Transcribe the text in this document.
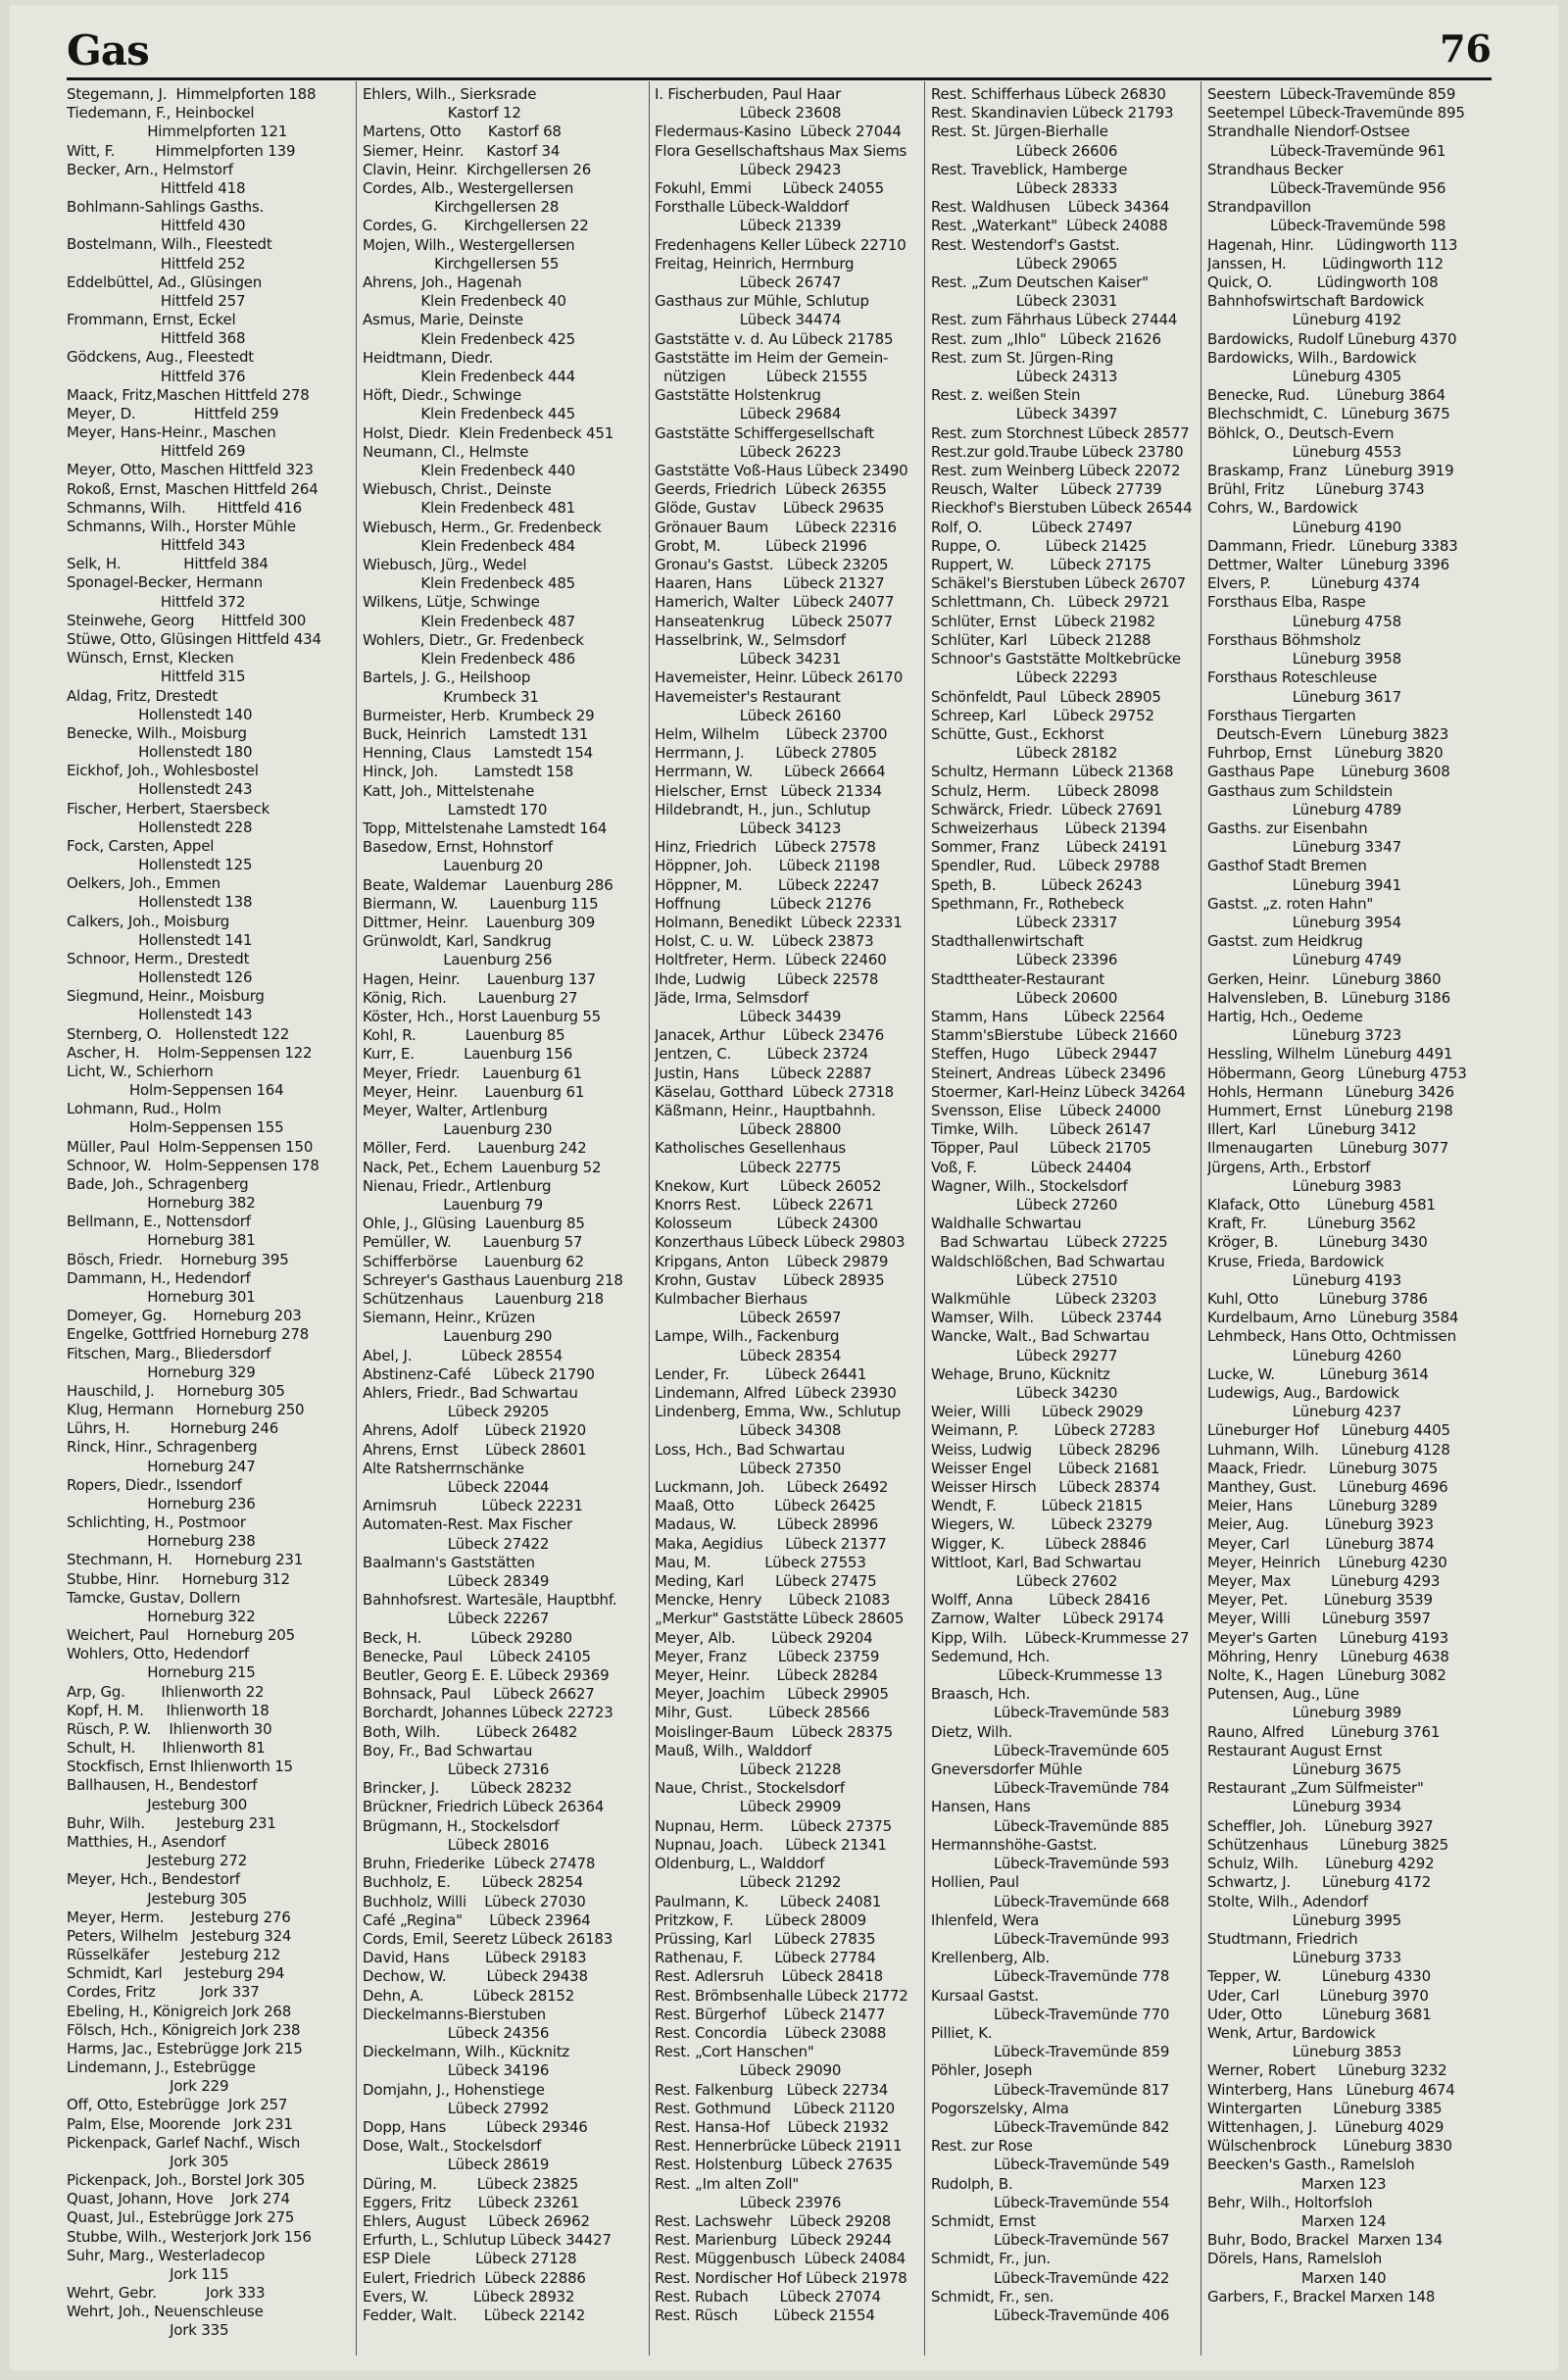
Gas	76
Stegemann, J.  Himmelpforten 188
Tiedemann, F., Heinbockel
Himmelpforten 121
Witt, F.         Himmelpforten 139
Becker, Arn., Helmstorf
Hittfeld 418
Bohlmann-Sahlings Gasths.
Hittfeld 430
Bostelmann, Wilh., Fleestedt
Hittfeld 252
Eddelbüttel, Ad., Glüsingen
Hittfeld 257
Frommann, Ernst, Eckel
Hittfeld 368
Gödckens, Aug., Fleestedt
Hittfeld 376
Maack, Fritz,Maschen Hittfeld 278
Meyer, D.             Hittfeld 259
Meyer, Hans-Heinr., Maschen
Hittfeld 269
Meyer, Otto, Maschen Hittfeld 323
Rokoß, Ernst, Maschen Hittfeld 264
Schmanns, Wilh.       Hittfeld 416
Schmanns, Wilh., Horster Mühle
Hittfeld 343
Selk, H.              Hittfeld 384
Sponagel-Becker, Hermann
Hittfeld 372
Steinwehe, Georg      Hittfeld 300
Stüwe, Otto, Glüsingen Hittfeld 434
Wünsch, Ernst, Klecken
Hittfeld 315
Aldag, Fritz, Drestedt
Hollenstedt 140
Benecke, Wilh., Moisburg
Hollenstedt 180
Eickhof, Joh., Wohlesbostel
Hollenstedt 243
Fischer, Herbert, Staersbeck
Hollenstedt 228
Fock, Carsten, Appel
Hollenstedt 125
Oelkers, Joh., Emmen
Hollenstedt 138
Calkers, Joh., Moisburg
Hollenstedt 141
Schnoor, Herm., Drestedt
Hollenstedt 126
Siegmund, Heinr., Moisburg
Hollenstedt 143
Sternberg, O.   Hollenstedt 122
Ascher, H.    Holm-Seppensen 122
Licht, W., Schierhorn
Holm-Seppensen 164
Lohmann, Rud., Holm
Holm-Seppensen 155
Müller, Paul  Holm-Seppensen 150
Schnoor, W.   Holm-Seppensen 178
Bade, Joh., Schragenberg
Horneburg 382
Bellmann, E., Nottensdorf
Horneburg 381
Bösch, Friedr.    Horneburg 395
Dammann, H., Hedendorf
Horneburg 301
Domeyer, Gg.      Horneburg 203
Engelke, Gottfried Horneburg 278
Fitschen, Marg., Bliedersdorf
Horneburg 329
Hauschild, J.     Horneburg 305
Klug, Hermann     Horneburg 250
Lührs, H.         Horneburg 246
Rinck, Hinr., Schragenberg
Horneburg 247
Ropers, Diedr., Issendorf
Horneburg 236
Schlichting, H., Postmoor
Horneburg 238
Stechmann, H.     Horneburg 231
Stubbe, Hinr.     Horneburg 312
Tamcke, Gustav, Dollern
Horneburg 322
Weichert, Paul    Horneburg 205
Wohlers, Otto, Hedendorf
Horneburg 215
Arp, Gg.        Ihlienworth 22
Kopf, H. M.     Ihlienworth 18
Rüsch, P. W.    Ihlienworth 30
Schult, H.      Ihlienworth 81
Stockfisch, Ernst Ihlienworth 15
Ballhausen, H., Bendestorf
Jesteburg 300
Buhr, Wilh.       Jesteburg 231
Matthies, H., Asendorf
Jesteburg 272
Meyer, Hch., Bendestorf
Jesteburg 305
Meyer, Herm.      Jesteburg 276
Peters, Wilhelm   Jesteburg 324
Rüsselkäfer       Jesteburg 212
Schmidt, Karl     Jesteburg 294
Cordes, Fritz          Jork 337
Ebeling, H., Königreich Jork 268
Fölsch, Hch., Königreich Jork 238
Harms, Jac., Estebrügge Jork 215
Lindemann, J., Estebrügge
Jork 229
Off, Otto, Estebrügge  Jork 257
Palm, Else, Moorende   Jork 231
Pickenpack, Garlef Nachf., Wisch
Jork 305
Pickenpack, Joh., Borstel Jork 305
Quast, Johann, Hove    Jork 274
Quast, Jul., Estebrügge Jork 275
Stubbe, Wilh., Westerjork Jork 156
Suhr, Marg., Westerladecop
Jork 115
Wehrt, Gebr.           Jork 333
Wehrt, Joh., Neuenschleuse
Jork 335
Ehlers, Wilh., Sierksrade
Kastorf 12
Martens, Otto      Kastorf 68
Siemer, Heinr.     Kastorf 34
Clavin, Heinr.  Kirchgellersen 26
Cordes, Alb., Westergellersen
Kirchgellersen 28
Cordes, G.      Kirchgellersen 22
Mojen, Wilh., Westergellersen
Kirchgellersen 55
Ahrens, Joh., Hagenah
Klein Fredenbeck 40
Asmus, Marie, Deinste
Klein Fredenbeck 425
Heidtmann, Diedr.
Klein Fredenbeck 444
Höft, Diedr., Schwinge
Klein Fredenbeck 445
Holst, Diedr.  Klein Fredenbeck 451
Neumann, Cl., Helmste
Klein Fredenbeck 440
Wiebusch, Christ., Deinste
Klein Fredenbeck 481
Wiebusch, Herm., Gr. Fredenbeck
Klein Fredenbeck 484
Wiebusch, Jürg., Wedel
Klein Fredenbeck 485
Wilkens, Lütje, Schwinge
Klein Fredenbeck 487
Wohlers, Dietr., Gr. Fredenbeck
Klein Fredenbeck 486
Bartels, J. G., Heilshoop
Krumbeck 31
Burmeister, Herb.  Krumbeck 29
Buck, Heinrich     Lamstedt 131
Henning, Claus     Lamstedt 154
Hinck, Joh.        Lamstedt 158
Katt, Joh., Mittelstenahe
Lamstedt 170
Topp, Mittelstenahe Lamstedt 164
Basedow, Ernst, Hohnstorf
Lauenburg 20
Beate, Waldemar    Lauenburg 286
Biermann, W.       Lauenburg 115
Dittmer, Heinr.    Lauenburg 309
Grünwoldt, Karl, Sandkrug
Lauenburg 256
Hagen, Heinr.      Lauenburg 137
König, Rich.       Lauenburg 27
Köster, Hch., Horst Lauenburg 55
Kohl, R.           Lauenburg 85
Kurr, E.           Lauenburg 156
Meyer, Friedr.     Lauenburg 61
Meyer, Heinr.      Lauenburg 61
Meyer, Walter, Artlenburg
Lauenburg 230
Möller, Ferd.      Lauenburg 242
Nack, Pet., Echem  Lauenburg 52
Nienau, Friedr., Artlenburg
Lauenburg 79
Ohle, J., Glüsing  Lauenburg 85
Pemüller, W.       Lauenburg 57
Schifferbörse      Lauenburg 62
Schreyer's Gasthaus Lauenburg 218
Schützenhaus       Lauenburg 218
Siemann, Heinr., Krüzen
Lauenburg 290
Abel, J.           Lübeck 28554
Abstinenz-Café     Lübeck 21790
Ahlers, Friedr., Bad Schwartau
Lübeck 29205
Ahrens, Adolf      Lübeck 21920
Ahrens, Ernst      Lübeck 28601
Alte Ratsherrnschänke
Lübeck 22044
Arnimsruh          Lübeck 22231
Automaten-Rest. Max Fischer
Lübeck 27422
Baalmann's Gaststätten
Lübeck 28349
Bahnhofsrest. Wartesäle, Hauptbhf.
Lübeck 22267
Beck, H.           Lübeck 29280
Benecke, Paul      Lübeck 24105
Beutler, Georg E. E. Lübeck 29369
Bohnsack, Paul     Lübeck 26627
Borchardt, Johannes Lübeck 22723
Both, Wilh.        Lübeck 26482
Boy, Fr., Bad Schwartau
Lübeck 27316
Brincker, J.       Lübeck 28232
Brückner, Friedrich Lübeck 26364
Brügmann, H., Stockelsdorf
Lübeck 28016
Bruhn, Friederike  Lübeck 27478
Buchholz, E.       Lübeck 28254
Buchholz, Willi    Lübeck 27030
Café „Regina"      Lübeck 23964
Cords, Emil, Seeretz Lübeck 26183
David, Hans        Lübeck 29183
Dechow, W.         Lübeck 29438
Dehn, A.           Lübeck 28152
Dieckelmanns-Bierstuben
Lübeck 24356
Dieckelmann, Wilh., Kücknitz
Lübeck 34196
Domjahn, J., Hohenstiege
Lübeck 27992
Dopp, Hans         Lübeck 29346
Dose, Walt., Stockelsdorf
Lübeck 28619
Düring, M.         Lübeck 23825
Eggers, Fritz      Lübeck 23261
Ehlers, August     Lübeck 26962
Erfurth, L., Schlutup Lübeck 34427
ESP Diele          Lübeck 27128
Eulert, Friedrich  Lübeck 22886
Evers, W.          Lübeck 28932
Fedder, Walt.      Lübeck 22142
I. Fischerbuden, Paul Haar
Lübeck 23608
Fledermaus-Kasino  Lübeck 27044
Flora Gesellschaftshaus Max Siems
Lübeck 29423
Fokuhl, Emmi       Lübeck 24055
Forsthalle Lübeck-Walddorf
Lübeck 21339
Fredenhagens Keller Lübeck 22710
Freitag, Heinrich, Herrnburg
Lübeck 26747
Gasthaus zur Mühle, Schlutup
Lübeck 34474
Gaststätte v. d. Au Lübeck 21785
Gaststätte im Heim der Gemein-
nützigen         Lübeck 21555
Gaststätte Holstenkrug
Lübeck 29684
Gaststätte Schiffergesellschaft
Lübeck 26223
Gaststätte Voß-Haus Lübeck 23490
Geerds, Friedrich  Lübeck 26355
Glöde, Gustav      Lübeck 29635
Grönauer Baum      Lübeck 22316
Grobt, M.          Lübeck 21996
Gronau's Gastst.   Lübeck 23205
Haaren, Hans       Lübeck 21327
Hamerich, Walter   Lübeck 24077
Hanseatenkrug      Lübeck 25077
Hasselbrink, W., Selmsdorf
Lübeck 34231
Havemeister, Heinr. Lübeck 26170
Havemeister's Restaurant
Lübeck 26160
Helm, Wilhelm      Lübeck 23700
Herrmann, J.       Lübeck 27805
Herrmann, W.       Lübeck 26664
Hielscher, Ernst   Lübeck 21334
Hildebrandt, H., jun., Schlutup
Lübeck 34123
Hinz, Friedrich    Lübeck 27578
Höppner, Joh.      Lübeck 21198
Höppner, M.        Lübeck 22247
Hoffnung           Lübeck 21276
Holmann, Benedikt  Lübeck 22331
Holst, C. u. W.    Lübeck 23873
Holtfreter, Herm.  Lübeck 22460
Ihde, Ludwig       Lübeck 22578
Jäde, Irma, Selmsdorf
Lübeck 34439
Janacek, Arthur    Lübeck 23476
Jentzen, C.        Lübeck 23724
Justin, Hans       Lübeck 22887
Käselau, Gotthard  Lübeck 27318
Käßmann, Heinr., Hauptbahnh.
Lübeck 28800
Katholisches Gesellenhaus
Lübeck 22775
Knekow, Kurt       Lübeck 26052
Knorrs Rest.       Lübeck 22671
Kolosseum          Lübeck 24300
Konzerthaus Lübeck Lübeck 29803
Kripgans, Anton    Lübeck 29879
Krohn, Gustav      Lübeck 28935
Kulmbacher Bierhaus
Lübeck 26597
Lampe, Wilh., Fackenburg
Lübeck 28354
Lender, Fr.        Lübeck 26441
Lindemann, Alfred  Lübeck 23930
Lindenberg, Emma, Ww., Schlutup
Lübeck 34308
Loss, Hch., Bad Schwartau
Lübeck 27350
Luckmann, Joh.     Lübeck 26492
Maaß, Otto         Lübeck 26425
Madaus, W.         Lübeck 28996
Maka, Aegidius     Lübeck 21377
Mau, M.            Lübeck 27553
Meding, Karl       Lübeck 27475
Mencke, Henry      Lübeck 21083
„Merkur" Gaststätte Lübeck 28605
Meyer, Alb.        Lübeck 29204
Meyer, Franz       Lübeck 23759
Meyer, Heinr.      Lübeck 28284
Meyer, Joachim     Lübeck 29905
Mihr, Gust.        Lübeck 28566
Moislinger-Baum    Lübeck 28375
Mauß, Wilh., Walddorf
Lübeck 21228
Naue, Christ., Stockelsdorf
Lübeck 29909
Nupnau, Herm.      Lübeck 27375
Nupnau, Joach.     Lübeck 21341
Oldenburg, L., Walddorf
Lübeck 21292
Paulmann, K.       Lübeck 24081
Pritzkow, F.       Lübeck 28009
Prüssing, Karl     Lübeck 27835
Rathenau, F.       Lübeck 27784
Rest. Adlersruh    Lübeck 28418
Rest. Brömbsenhalle Lübeck 21772
Rest. Bürgerhof    Lübeck 21477
Rest. Concordia    Lübeck 23088
Rest. „Cort Hanschen"
Lübeck 29090
Rest. Falkenburg   Lübeck 22734
Rest. Gothmund     Lübeck 21120
Rest. Hansa-Hof    Lübeck 21932
Rest. Hennerbrücke Lübeck 21911
Rest. Holstenburg  Lübeck 27635
Rest. „Im alten Zoll"
Lübeck 23976
Rest. Lachswehr    Lübeck 29208
Rest. Marienburg   Lübeck 29244
Rest. Müggenbusch  Lübeck 24084
Rest. Nordischer Hof Lübeck 21978
Rest. Rubach       Lübeck 27074
Rest. Rüsch        Lübeck 21554
Rest. Schifferhaus Lübeck 26830
Rest. Skandinavien Lübeck 21793
Rest. St. Jürgen-Bierhalle
Lübeck 26606
Rest. Traveblick, Hamberge
Lübeck 28333
Rest. Waldhusen    Lübeck 34364
Rest. „Waterkant"  Lübeck 24088
Rest. Westendorf's Gastst.
Lübeck 29065
Rest. „Zum Deutschen Kaiser"
Lübeck 23031
Rest. zum Fährhaus Lübeck 27444
Rest. zum „Ihlo"   Lübeck 21626
Rest. zum St. Jürgen-Ring
Lübeck 24313
Rest. z. weißen Stein
Lübeck 34397
Rest. zum Storchnest Lübeck 28577
Rest.zur gold.Traube Lübeck 23780
Rest. zum Weinberg Lübeck 22072
Reusch, Walter     Lübeck 27739
Rieckhof's Bierstuben Lübeck 26544
Rolf, O.           Lübeck 27497
Ruppe, O.          Lübeck 21425
Ruppert, W.        Lübeck 27175
Schäkel's Bierstuben Lübeck 26707
Schlettmann, Ch.   Lübeck 29721
Schlüter, Ernst    Lübeck 21982
Schlüter, Karl     Lübeck 21288
Schnoor's Gaststätte Moltkebrücke
Lübeck 22293
Schönfeldt, Paul   Lübeck 28905
Schreep, Karl      Lübeck 29752
Schütte, Gust., Eckhorst
Lübeck 28182
Schultz, Hermann   Lübeck 21368
Schulz, Herm.      Lübeck 28098
Schwärck, Friedr.  Lübeck 27691
Schweizerhaus      Lübeck 21394
Sommer, Franz      Lübeck 24191
Spendler, Rud.     Lübeck 29788
Speth, B.          Lübeck 26243
Spethmann, Fr., Rothebeck
Lübeck 23317
Stadthallenwirtschaft
Lübeck 23396
Stadttheater-Restaurant
Lübeck 20600
Stamm, Hans        Lübeck 22564
Stamm'sBierstube   Lübeck 21660
Steffen, Hugo      Lübeck 29447
Steinert, Andreas  Lübeck 23496
Stoermer, Karl-Heinz Lübeck 34264
Svensson, Elise    Lübeck 24000
Timke, Wilh.       Lübeck 26147
Töpper, Paul       Lübeck 21705
Voß, F.            Lübeck 24404
Wagner, Wilh., Stockelsdorf
Lübeck 27260
Waldhalle Schwartau
Bad Schwartau    Lübeck 27225
Waldschlößchen, Bad Schwartau
Lübeck 27510
Walkmühle          Lübeck 23203
Wamser, Wilh.      Lübeck 23744
Wancke, Walt., Bad Schwartau
Lübeck 29277
Wehage, Bruno, Kücknitz
Lübeck 34230
Weier, Willi       Lübeck 29029
Weimann, P.        Lübeck 27283
Weiss, Ludwig      Lübeck 28296
Weisser Engel      Lübeck 21681
Weisser Hirsch     Lübeck 28374
Wendt, F.          Lübeck 21815
Wiegers, W.        Lübeck 23279
Wigger, K.         Lübeck 28846
Wittloot, Karl, Bad Schwartau
Lübeck 27602
Wolff, Anna        Lübeck 28416
Zarnow, Walter     Lübeck 29174
Kipp, Wilh.    Lübeck-Krummesse 27
Sedemund, Hch.
Lübeck-Krummesse 13
Braasch, Hch.
Lübeck-Travemünde 583
Dietz, Wilh.
Lübeck-Travemünde 605
Gneversdorfer Mühle
Lübeck-Travemünde 784
Hansen, Hans
Lübeck-Travemünde 885
Hermannshöhe-Gastst.
Lübeck-Travemünde 593
Hollien, Paul
Lübeck-Travemünde 668
Ihlenfeld, Wera
Lübeck-Travemünde 993
Krellenberg, Alb.
Lübeck-Travemünde 778
Kursaal Gastst.
Lübeck-Travemünde 770
Pilliet, K.
Lübeck-Travemünde 859
Pöhler, Joseph
Lübeck-Travemünde 817
Pogorszelsky, Alma
Lübeck-Travemünde 842
Rest. zur Rose
Lübeck-Travemünde 549
Rudolph, B.
Lübeck-Travemünde 554
Schmidt, Ernst
Lübeck-Travemünde 567
Schmidt, Fr., jun.
Lübeck-Travemünde 422
Schmidt, Fr., sen.
Lübeck-Travemünde 406
Seestern  Lübeck-Travemünde 859
Seetempel Lübeck-Travemünde 895
Strandhalle Niendorf-Ostsee
Lübeck-Travemünde 961
Strandhaus Becker
Lübeck-Travemünde 956
Strandpavillon
Lübeck-Travemünde 598
Hagenah, Hinr.     Lüdingworth 113
Janssen, H.        Lüdingworth 112
Quick, O.          Lüdingworth 108
Bahnhofswirtschaft Bardowick
Lüneburg 4192
Bardowicks, Rudolf Lüneburg 4370
Bardowicks, Wilh., Bardowick
Lüneburg 4305
Benecke, Rud.      Lüneburg 3864
Blechschmidt, C.   Lüneburg 3675
Böhlck, O., Deutsch-Evern
Lüneburg 4553
Braskamp, Franz    Lüneburg 3919
Brühl, Fritz       Lüneburg 3743
Cohrs, W., Bardowick
Lüneburg 4190
Dammann, Friedr.   Lüneburg 3383
Dettmer, Walter    Lüneburg 3396
Elvers, P.         Lüneburg 4374
Forsthaus Elba, Raspe
Lüneburg 4758
Forsthaus Böhmsholz
Lüneburg 3958
Forsthaus Roteschleuse
Lüneburg 3617
Forsthaus Tiergarten
Deutsch-Evern    Lüneburg 3823
Fuhrbop, Ernst     Lüneburg 3820
Gasthaus Pape      Lüneburg 3608
Gasthaus zum Schildstein
Lüneburg 4789
Gasths. zur Eisenbahn
Lüneburg 3347
Gasthof Stadt Bremen
Lüneburg 3941
Gastst. „z. roten Hahn"
Lüneburg 3954
Gastst. zum Heidkrug
Lüneburg 4749
Gerken, Heinr.     Lüneburg 3860
Halvensleben, B.   Lüneburg 3186
Hartig, Hch., Oedeme
Lüneburg 3723
Hessling, Wilhelm  Lüneburg 4491
Höbermann, Georg   Lüneburg 4753
Hohls, Hermann     Lüneburg 3426
Hummert, Ernst     Lüneburg 2198
Illert, Karl       Lüneburg 3412
Ilmenaugarten      Lüneburg 3077
Jürgens, Arth., Erbstorf
Lüneburg 3983
Klafack, Otto      Lüneburg 4581
Kraft, Fr.         Lüneburg 3562
Kröger, B.         Lüneburg 3430
Kruse, Frieda, Bardowick
Lüneburg 4193
Kuhl, Otto         Lüneburg 3786
Kurdelbaum, Arno   Lüneburg 3584
Lehmbeck, Hans Otto, Ochtmissen
Lüneburg 4260
Lucke, W.          Lüneburg 3614
Ludewigs, Aug., Bardowick
Lüneburg 4237
Lüneburger Hof     Lüneburg 4405
Luhmann, Wilh.     Lüneburg 4128
Maack, Friedr.     Lüneburg 3075
Manthey, Gust.     Lüneburg 4696
Meier, Hans        Lüneburg 3289
Meier, Aug.        Lüneburg 3923
Meyer, Carl        Lüneburg 3874
Meyer, Heinrich    Lüneburg 4230
Meyer, Max         Lüneburg 4293
Meyer, Pet.        Lüneburg 3539
Meyer, Willi       Lüneburg 3597
Meyer's Garten     Lüneburg 4193
Möhring, Henry     Lüneburg 4638
Nolte, K., Hagen   Lüneburg 3082
Putensen, Aug., Lüne
Lüneburg 3989
Rauno, Alfred      Lüneburg 3761
Restaurant August Ernst
Lüneburg 3675
Restaurant „Zum Sülfmeister"
Lüneburg 3934
Scheffler, Joh.    Lüneburg 3927
Schützenhaus       Lüneburg 3825
Schulz, Wilh.      Lüneburg 4292
Schwartz, J.       Lüneburg 4172
Stolte, Wilh., Adendorf
Lüneburg 3995
Studtmann, Friedrich
Lüneburg 3733
Tepper, W.         Lüneburg 4330
Uder, Carl         Lüneburg 3970
Uder, Otto         Lüneburg 3681
Wenk, Artur, Bardowick
Lüneburg 3853
Werner, Robert     Lüneburg 3232
Winterberg, Hans   Lüneburg 4674
Wintergarten       Lüneburg 3385
Wittenhagen, J.    Lüneburg 4029
Wülschenbrock      Lüneburg 3830
Beecken's Gasth., Ramelsloh
Marxen 123
Behr, Wilh., Holtorfsloh
Marxen 124
Buhr, Bodo, Brackel  Marxen 134
Dörels, Hans, Ramelsloh
Marxen 140
Garbers, F., Brackel Marxen 148
